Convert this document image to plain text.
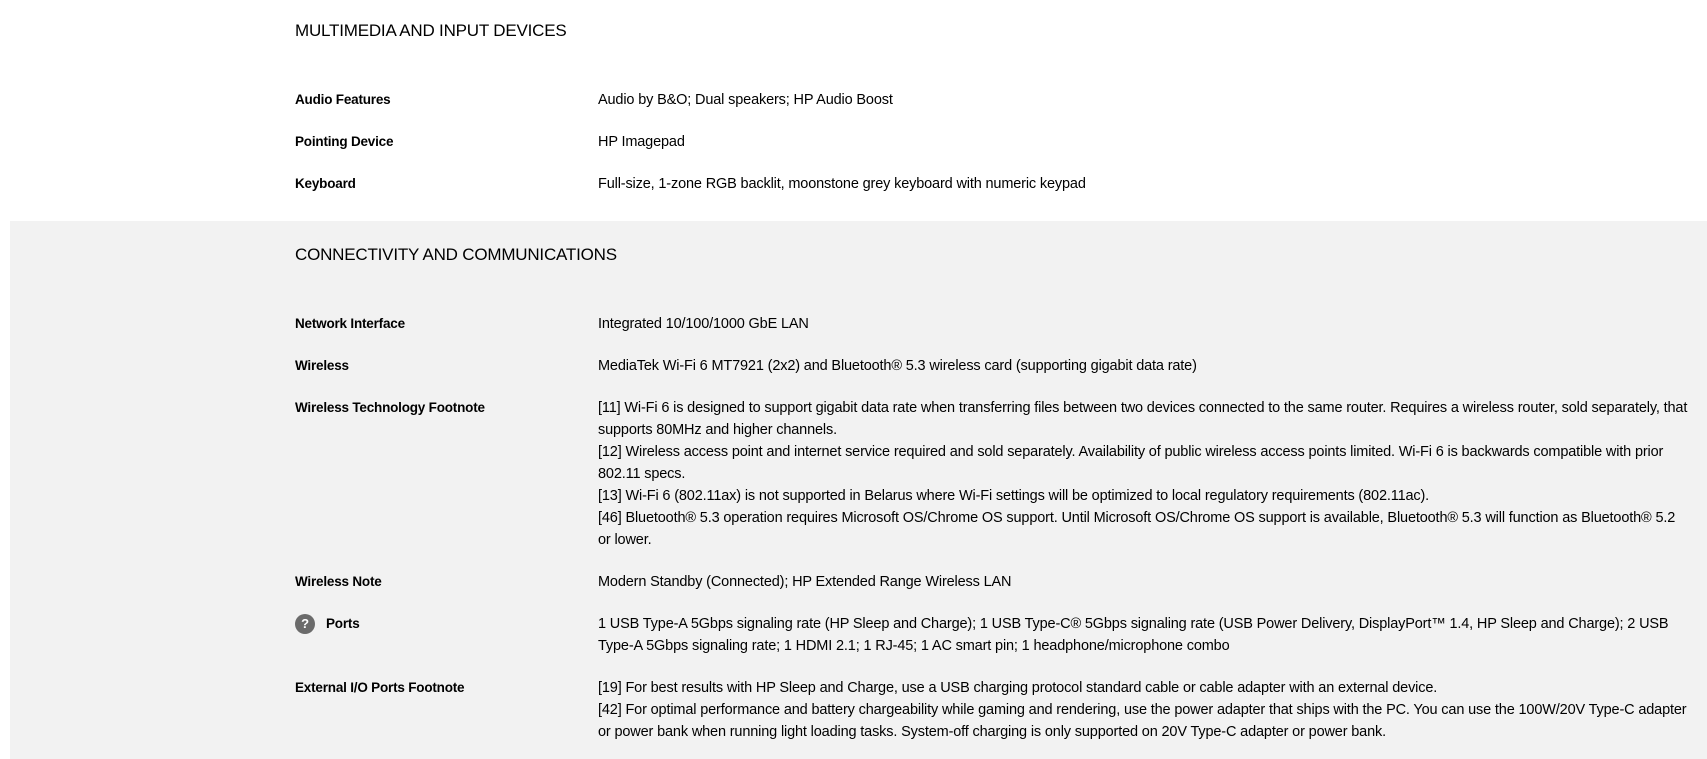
MULTIMEDIA AND INPUT DEVICES
Audio Features	Audio by B&O; Dual speakers; HP Audio Boost
Pointing Device	HP Imagepad
Keyboard	Full-size, 1-zone RGB backlit, moonstone grey keyboard with numeric keypad
CONNECTIVITY AND COMMUNICATIONS
Network Interface	Integrated 10/100/1000 GbE LAN
Wireless	MediaTek Wi-Fi 6 MT7921 (2x2) and Bluetooth® 5.3 wireless card (supporting gigabit data rate)
Wireless Technology Footnote	[11] Wi-Fi 6 is designed to support gigabit data rate when transferring files between two devices connected to the same router. Requires a wireless router, sold separately, that supports 80MHz and higher channels.
[12] Wireless access point and internet service required and sold separately. Availability of public wireless access points limited. Wi-Fi 6 is backwards compatible with prior 802.11 specs.
[13] Wi-Fi 6 (802.11ax) is not supported in Belarus where Wi-Fi settings will be optimized to local regulatory requirements (802.11ac).
[46] Bluetooth® 5.3 operation requires Microsoft OS/Chrome OS support. Until Microsoft OS/Chrome OS support is available, Bluetooth® 5.3 will function as Bluetooth® 5.2 or lower.
Wireless Note	Modern Standby (Connected); HP Extended Range Wireless LAN
?	Ports	1 USB Type-A 5Gbps signaling rate (HP Sleep and Charge); 1 USB Type-C® 5Gbps signaling rate (USB Power Delivery, DisplayPort™ 1.4, HP Sleep and Charge); 2 USB Type-A 5Gbps signaling rate; 1 HDMI 2.1; 1 RJ-45; 1 AC smart pin; 1 headphone/microphone combo
External I/O Ports Footnote	[19] For best results with HP Sleep and Charge, use a USB charging protocol standard cable or cable adapter with an external device.
[42] For optimal performance and battery chargeability while gaming and rendering, use the power adapter that ships with the PC. You can use the 100W/20V Type-C adapter or power bank when running light loading tasks. System-off charging is only supported on 20V Type-C adapter or power bank.
